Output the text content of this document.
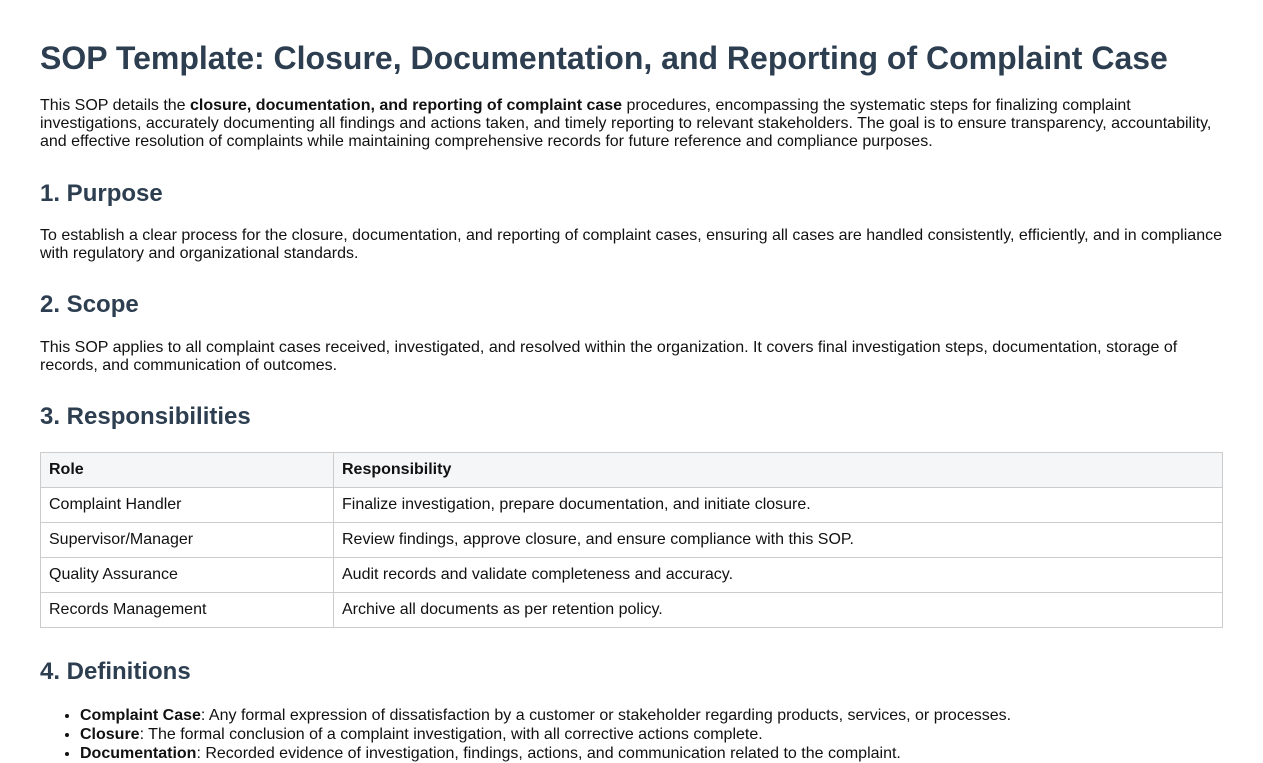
SOP Template: Closure, Documentation, and Reporting of Complaint Case

This SOP details the closure, documentation, and reporting of complaint case procedures, encompassing the systematic steps for finalizing complaint investigations, accurately documenting all findings and actions taken, and timely reporting to relevant stakeholders. The goal is to ensure transparency, accountability, and effective resolution of complaints while maintaining comprehensive records for future reference and compliance purposes.

1. Purpose

To establish a clear process for the closure, documentation, and reporting of complaint cases, ensuring all cases are handled consistently, efficiently, and in compliance with regulatory and organizational standards.

2. Scope

This SOP applies to all complaint cases received, investigated, and resolved within the organization. It covers final investigation steps, documentation, storage of records, and communication of outcomes.

3. Responsibilities
Role	Responsibility
Complaint Handler	Finalize investigation, prepare documentation, and initiate closure.
Supervisor/Manager	Review findings, approve closure, and ensure compliance with this SOP.
Quality Assurance	Audit records and validate completeness and accuracy.
Records Management	Archive all documents as per retention policy.
4. Definitions
• Complaint Case: Any formal expression of dissatisfaction by a customer or stakeholder regarding products, services, or processes.
• Closure: The formal conclusion of a complaint investigation, with all corrective actions complete.
• Documentation: Recorded evidence of investigation, findings, actions, and communication related to the complaint.
